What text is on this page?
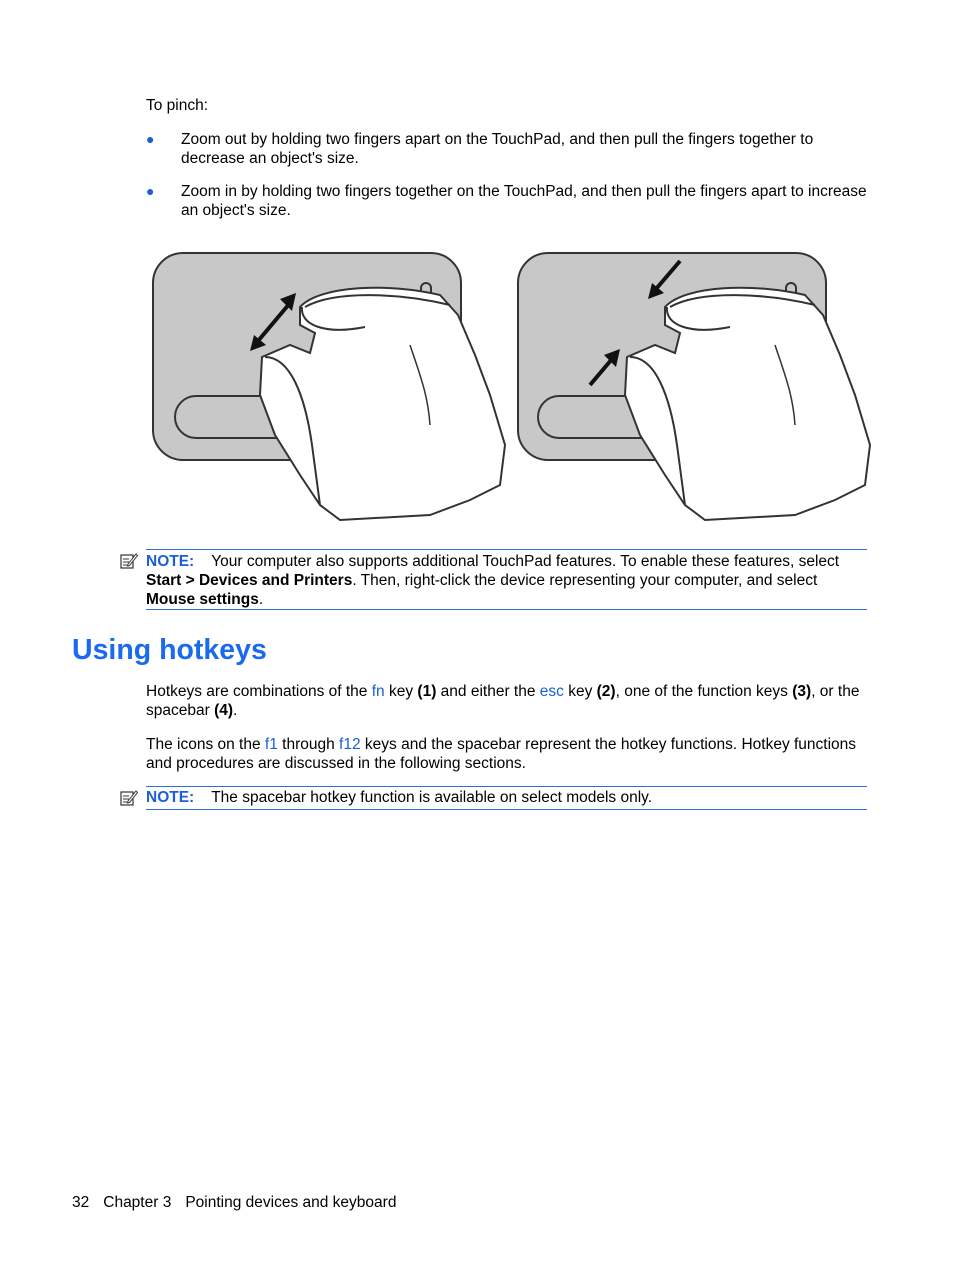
To pinch:
● Zoom out by holding two fingers apart on the TouchPad, and then pull the fingers together to decrease an object's size.
● Zoom in by holding two fingers together on the TouchPad, and then pull the fingers apart to increase an object's size.
NOTE: Your computer also supports additional TouchPad features. To enable these features, select Start > Devices and Printers. Then, right-click the device representing your computer, and select Mouse settings.
Using hotkeys
Hotkeys are combinations of the fn key (1) and either the esc key (2), one of the function keys (3), or the spacebar (4).
The icons on the f1 through f12 keys and the spacebar represent the hotkey functions. Hotkey functions and procedures are discussed in the following sections.
NOTE: The spacebar hotkey function is available on select models only.
32 Chapter 3 Pointing devices and keyboard
